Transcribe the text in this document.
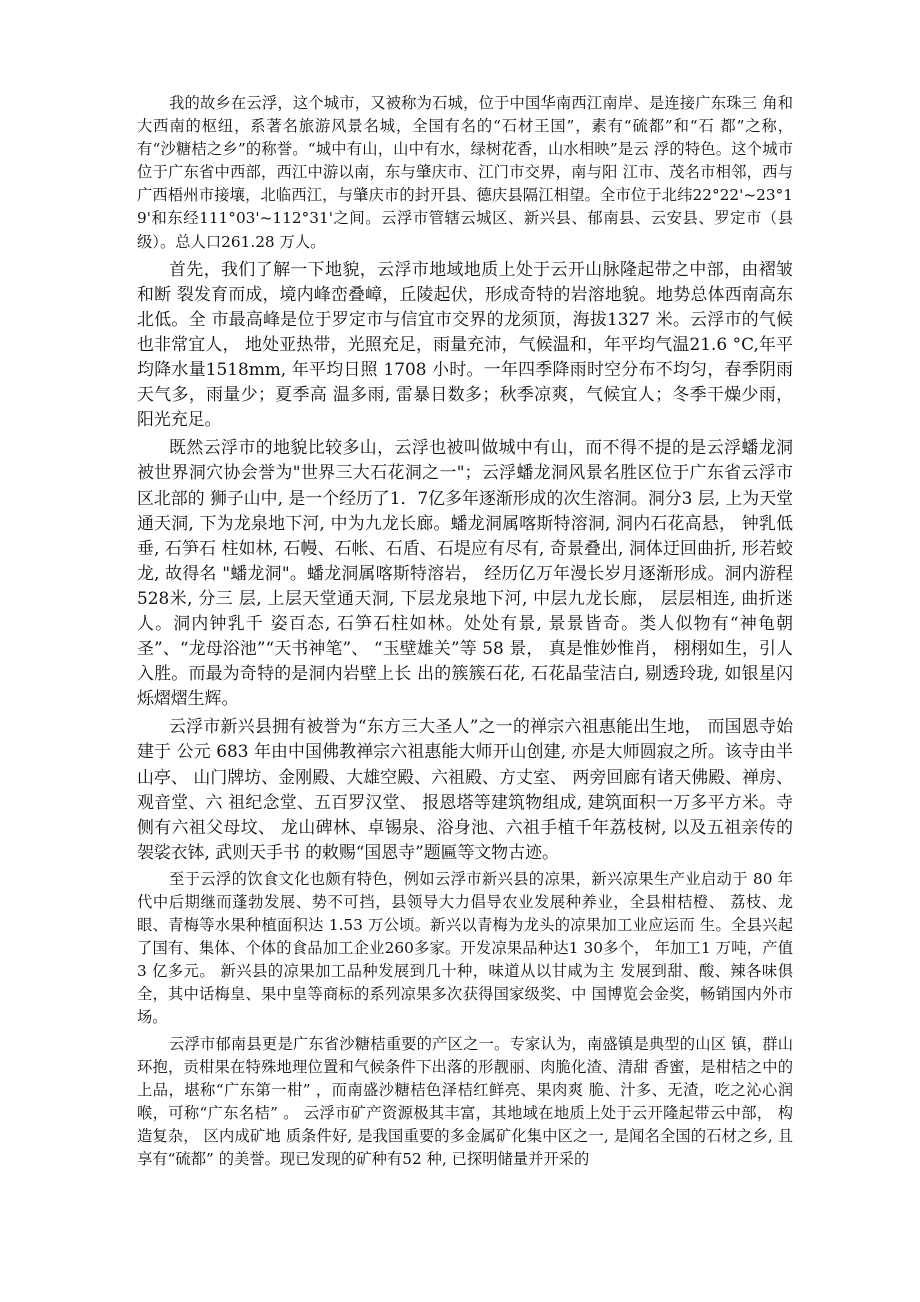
我的故乡在云浮，这个城市，又被称为石城，位于中国华南西江南岸、是连接广东珠三 角和大西南的枢纽，系著名旅游风景名城，全国有名的“石材王国”，素有“硫都”和“石 都”之称，有“沙糖桔之乡”的称誉。“城中有山，山中有水，绿树花香，山水相映”是云 浮的特色。这个城市位于广东省中西部，西江中游以南，东与肇庆市、江门市交界，南与阳 江市、茂名市相邻，西与广西梧州市接壤，北临西江，与肇庆市的封开县、德庆县隔江相望。全市位于北纬22°22'~23°19'和东经111°03'~112°31'之间。云浮市管辖云城区、新兴县、郁南县、云安县、罗定市（县级）。总人口261.28 万人。

首先，我们了解一下地貌，云浮市地域地质上处于云开山脉隆起带之中部，由褶皱和断 裂发育而成，境内峰峦叠嶂，丘陵起伏，形成奇特的岩溶地貌。地势总体西南高东北低。全 市最高峰是位于罗定市与信宜市交界的龙须顶，海拔1327 米。云浮市的气候也非常宜人， 地处亚热带，光照充足，雨量充沛，气候温和，年平均气温21.6 °C,年平均降水量1518mm, 年平均日照 1708 小时。一年四季降雨时空分布不均匀，春季阴雨天气多，雨量少；夏季高 温多雨, 雷暴日数多；秋季凉爽，气候宜人；冬季干燥少雨， 阳光充足。

既然云浮市的地貌比较多山，云浮也被叫做城中有山，而不得不提的是云浮蟠龙洞被世界洞穴协会誉为"世界三大石花洞之一"；云浮蟠龙洞风景名胜区位于广东省云浮市区北部的 狮子山中, 是一个经历了1．7亿多年逐渐形成的次生溶洞。洞分3 层, 上为天堂通天洞, 下为龙泉地下河, 中为九龙长廊。蟠龙洞属喀斯特溶洞, 洞内石花高悬， 钟乳低垂, 石笋石 柱如林, 石幔、石帐、石盾、石堤应有尽有, 奇景叠出, 洞体迂回曲折, 形若蛟龙, 故得名 "蟠龙洞"。蟠龙洞属喀斯特溶岩， 经历亿万年漫长岁月逐渐形成。洞内游程 528米, 分三 层, 上层天堂通天洞, 下层龙泉地下河, 中层九龙长廊， 层层相连, 曲折迷人。洞内钟乳千 姿百态, 石笋石柱如林。处处有景, 景景皆奇。类人似物有“神龟朝圣”、“龙母浴池”“天书神笔”、 “玉壁雄关”等 58 景， 真是惟妙惟肖， 栩栩如生，引人入胜。而最为奇特的是洞内岩壁上长 出的簇簇石花, 石花晶莹洁白, 剔透玲珑, 如银星闪烁熠熠生辉。

云浮市新兴县拥有被誉为“东方三大圣人”之一的禅宗六祖惠能出生地， 而国恩寺始建于 公元 683 年由中国佛教禅宗六祖惠能大师开山创建, 亦是大师圆寂之所。该寺由半山亭、 山门牌坊、金刚殿、大雄空殿、六祖殿、方丈室、 两旁回廊有诸天佛殿、禅房、 观音堂、六 祖纪念堂、五百罗汉堂、 报恩塔等建筑物组成, 建筑面积一万多平方米。寺侧有六祖父母坟、 龙山碑林、卓锡泉、浴身池、六祖手植千年荔枝树, 以及五祖亲传的袈裟衣钵, 武则天手书 的敕赐“国恩寺”题匾等文物古迹。

至于云浮的饮食文化也颇有特色，例如云浮市新兴县的凉果，新兴凉果生产业启动于 80 年代中后期继而蓬勃发展、势不可挡，县领导大力倡导农业发展种养业，全县柑桔橙、 荔枝、龙眼、青梅等水果种植面积达 1.53 万公顷。新兴以青梅为龙头的凉果加工业应运而 生。全县兴起了国有、集体、个体的食品加工企业260多家。开发凉果品种达1 30多个， 年加工1 万吨，产值3 亿多元。 新兴县的凉果加工品种发展到几十种，味道从以甘咸为主 发展到甜、酸、辣各味俱全，其中话梅皇、果中皇等商标的系列凉果多次获得国家级奖、中 国博览会金奖，畅销国内外市场。

云浮市郁南县更是广东省沙糖桔重要的产区之一。专家认为，南盛镇是典型的山区 镇，群山环抱，贡柑果在特殊地理位置和气候条件下出落的形靓丽、肉脆化渣、清甜 香蜜，是柑桔之中的上品，堪称“广东第一柑” ，而南盛沙糖桔色泽桔红鲜亮、果肉爽 脆、汁多、无渣，吃之沁心润喉，可称“广东名桔” 。 云浮市矿产资源极其丰富，其地域在地质上处于云开隆起带云中部， 构造复杂， 区内成矿地 质条件好, 是我国重要的多金属矿化集中区之一, 是闻名全国的石材之乡, 且享有“硫都” 的美誉。现已发现的矿种有52 种, 已探明储量并开采的
